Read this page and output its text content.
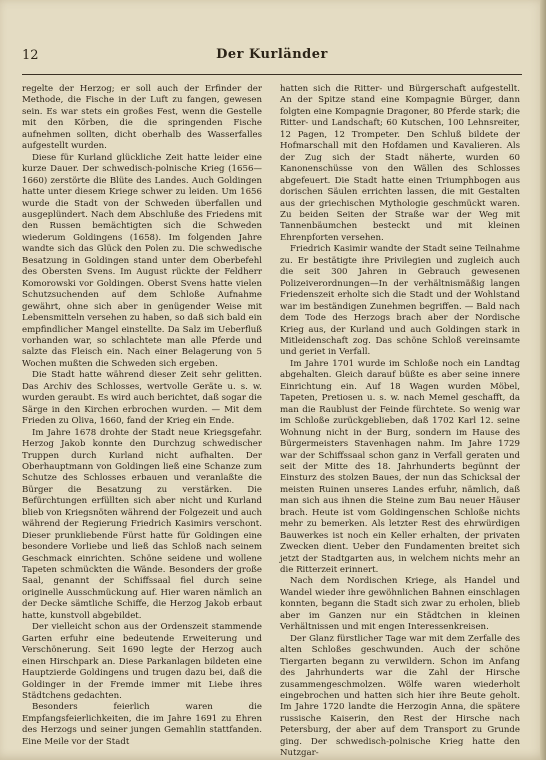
12	Der Kurländer

regelte der Herzog; er soll auch der Erfinder der Methode, die Fische in der Luft zu fangen, gewesen sein. Es war stets ein großes Fest, wenn die Gestelle mit den Körben, die die springenden Fische aufnehmen sollten, dicht oberhalb des Wasserfalles aufgestellt wurden.

Diese für Kurland glückliche Zeit hatte leider eine kurze Dauer. Der schwedisch-polnische Krieg (1656—1660) zerstörte die Blüte des Landes. Auch Goldingen hatte unter diesem Kriege schwer zu leiden. Um 1656 wurde die Stadt von der Schweden überfallen und ausgeplündert. Nach dem Abschluße des Friedens mit den Russen bemächtigten sich die Schweden wiederum Goldingens (1658). Im folgenden Jahre wandte sich das Glück den Polen zu. Die schwedische Besatzung in Goldingen stand unter dem Oberbefehl des Obersten Svens. Im August rückte der Feldherr Komorowski vor Goldingen. Oberst Svens hatte vielen Schutzsuchenden auf dem Schloße Aufnahme gewährt, ohne sich aber in genügender Weise mit Lebensmitteln versehen zu haben, so daß sich bald ein empfindlicher Mangel einstellte. Da Salz im Ueberfluß vorhanden war, so schlachtete man alle Pferde und salzte das Fleisch ein. Nach einer Belagerung von 5 Wochen mußten die Schweden sich ergeben.

Die Stadt hatte während dieser Zeit sehr gelitten. Das Archiv des Schlosses, wertvolle Geräte u. s. w. wurden geraubt. Es wird auch berichtet, daß sogar die Särge in den Kirchen erbrochen wurden. — Mit dem Frieden zu Oliva, 1660, fand der Krieg ein Ende.

Im Jahre 1678 drohte der Stadt neue Kriegsgefahr. Herzog Jakob konnte den Durchzug schwedischer Truppen durch Kurland nicht aufhalten. Der Oberhauptmann von Goldingen ließ eine Schanze zum Schutze des Schlosses erbauen und veranlaßte die Bürger die Besatzung zu verstärken. Die Befürchtungen erfüllten sich aber nicht und Kurland blieb von Kriegsnöten während der Folgezeit und auch während der Regierung Friedrich Kasimirs verschont. Dieser prunkliebende Fürst hatte für Goldingen eine besondere Vorliebe und ließ das Schloß nach seinem Geschmack einrichten. Schöne seidene und wollene Tapeten schmückten die Wände. Besonders der große Saal, genannt der Schiffssaal fiel durch seine originelle Ausschmückung auf. Hier waren nämlich an der Decke sämtliche Schiffe, die Herzog Jakob erbaut hatte, kunstvoll abgebildet.

Der vielleicht schon aus der Ordenszeit stammende Garten erfuhr eine bedeutende Erweiterung und Verschönerung. Seit 1690 legte der Herzog auch einen Hirschpark an. Diese Parkanlagen bildeten eine Hauptzierde Goldingens und trugen dazu bei, daß die Goldinger in der Fremde immer mit Liebe ihres Städtchens gedachten.

Besonders feierlich waren die Empfangsfeierlichkeiten, die im Jahre 1691 zu Ehren des Herzogs und seiner jungen Gemahlin stattfanden. Eine Meile vor der Stadt

hatten sich die Ritter- und Bürgerschaft aufgestellt. An der Spitze stand eine Kompagnie Bürger, dann folgten eine Kompagnie Dragoner, 80 Pferde stark; die Ritter- und Landschaft; 60 Kutschen, 100 Lehnsreiter, 12 Pagen, 12 Trompeter. Den Schluß bildete der Hofmarschall mit den Hofdamen und Kavalieren. Als der Zug sich der Stadt näherte, wurden 60 Kanonenschüsse von den Wällen des Schlosses abgefeuert. Die Stadt hatte einen Triumphbogen aus dorischen Säulen errichten lassen, die mit Gestalten aus der griechischen Mythologie geschmückt waren. Zu beiden Seiten der Straße war der Weg mit Tannenbäumchen besteckt und mit kleinen Ehrenpforten versehen.

Friedrich Kasimir wandte der Stadt seine Teilnahme zu. Er bestätigte ihre Privilegien und zugleich auch die seit 300 Jahren in Gebrauch gewesenen Polizeiverordnungen—In der verhältnismäßig langen Friedenszeit erholte sich die Stadt und der Wohlstand war im beständigen Zunehmen begriffen. — Bald nach dem Tode des Herzogs brach aber der Nordische Krieg aus, der Kurland und auch Goldingen stark in Mitleidenschaft zog. Das schöne Schloß vereinsamte und geriet in Verfall.

Im Jahre 1701 wurde im Schloße noch ein Landtag abgehalten. Gleich darauf büßte es aber seine innere Einrichtung ein. Auf 18 Wagen wurden Möbel, Tapeten, Pretiosen u. s. w. nach Memel geschafft, da man die Raublust der Feinde fürchtete. So wenig war im Schloße zurückgeblieben, daß 1702 Karl 12. seine Wohnung nicht in der Burg, sondern im Hause des Bürgermeisters Stavenhagen nahm. Im Jahre 1729 war der Schiffssaal schon ganz in Verfall geraten und seit der Mitte des 18. Jahrhunderts begünnt der Einsturz des stolzen Baues, der nun das Schicksal der meisten Ruinen unseres Landes erfuhr, nämlich, daß man sich aus ihnen die Steine zum Bau neuer Häuser brach. Heute ist vom Goldingenschen Schloße nichts mehr zu bemerken. Als letzter Rest des ehrwürdigen Bauwerkes ist noch ein Keller erhalten, der privaten Zwecken dient. Ueber den Fundamenten breitet sich jetzt der Stadtgarten aus, in welchem nichts mehr an die Ritterzeit erinnert.

Nach dem Nordischen Kriege, als Handel und Wandel wieder ihre gewöhnlichen Bahnen einschlagen konnten, begann die Stadt sich zwar zu erholen, blieb aber im Ganzen nur ein Städtchen in kleinen Verhältnissen und mit engen Interessenkreisen.

Der Glanz fürstlicher Tage war mit dem Zerfalle des alten Schloßes geschwunden. Auch der schöne Tiergarten begann zu verwildern. Schon im Anfang des Jahrhunderts war die Zahl der Hirsche zusammengeschmolzen. Wölfe waren wiederholt eingebrochen und hatten sich hier ihre Beute geholt. Im Jahre 1720 landte die Herzogin Anna, die spätere russische Kaiserin, den Rest der Hirsche nach Petersburg, der aber auf dem Transport zu Grunde ging. Der schwedisch-polnische Krieg hatte den Nutzgar-
